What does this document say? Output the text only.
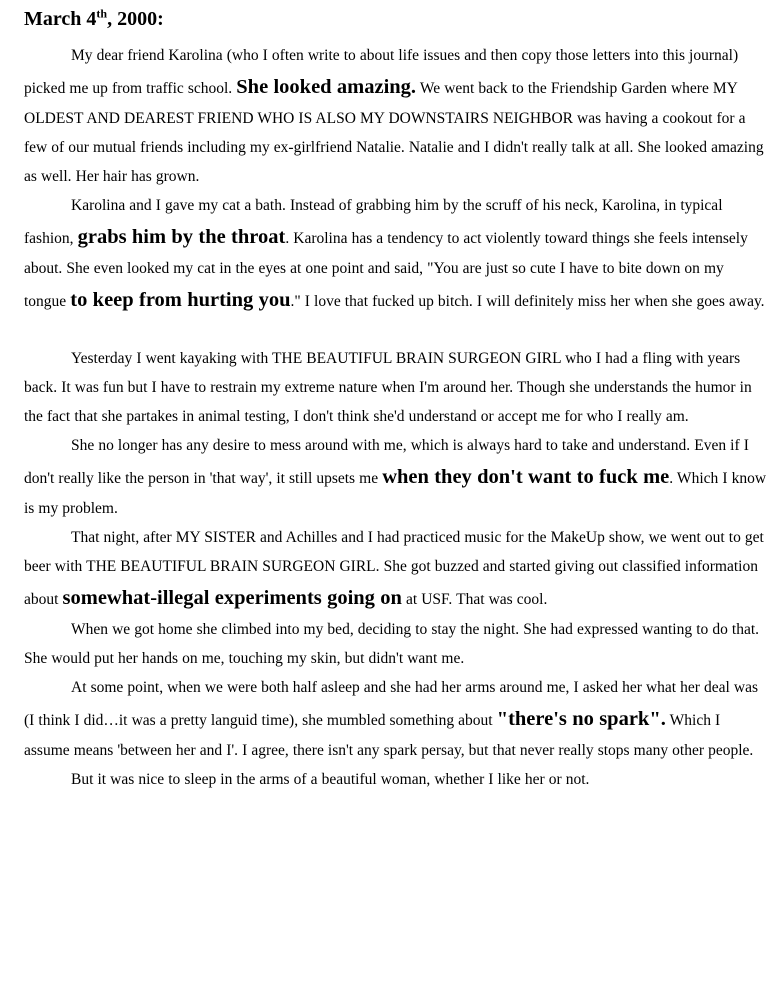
March 4th, 2000:

My dear friend Karolina (who I often write to about life issues and then copy those letters into this journal) picked me up from traffic school. She looked amazing. We went back to the Friendship Garden where MY OLDEST AND DEAREST FRIEND WHO IS ALSO MY DOWNSTAIRS NEIGHBOR was having a cookout for a few of our mutual friends including my ex-girlfriend Natalie. Natalie and I didn't really talk at all. She looked amazing as well. Her hair has grown.

Karolina and I gave my cat a bath. Instead of grabbing him by the scruff of his neck, Karolina, in typical fashion, grabs him by the throat. Karolina has a tendency to act violently toward things she feels intensely about. She even looked my cat in the eyes at one point and said, "You are just so cute I have to bite down on my tongue to keep from hurting you." I love that fucked up bitch. I will definitely miss her when she goes away.

Yesterday I went kayaking with THE BEAUTIFUL BRAIN SURGEON GIRL who I had a fling with years back. It was fun but I have to restrain my extreme nature when I'm around her. Though she understands the humor in the fact that she partakes in animal testing, I don't think she'd understand or accept me for who I really am.

She no longer has any desire to mess around with me, which is always hard to take and understand. Even if I don't really like the person in 'that way', it still upsets me when they don't want to fuck me. Which I know is my problem.

That night, after MY SISTER and Achilles and I had practiced music for the MakeUp show, we went out to get beer with THE BEAUTIFUL BRAIN SURGEON GIRL. She got buzzed and started giving out classified information about somewhat-illegal experiments going on at USF. That was cool.

When we got home she climbed into my bed, deciding to stay the night. She had expressed wanting to do that. She would put her hands on me, touching my skin, but didn't want me.

At some point, when we were both half asleep and she had her arms around me, I asked her what her deal was (I think I did…it was a pretty languid time), she mumbled something about "there's no spark". Which I assume means 'between her and I'. I agree, there isn't any spark persay, but that never really stops many other people.

But it was nice to sleep in the arms of a beautiful woman, whether I like her or not.
